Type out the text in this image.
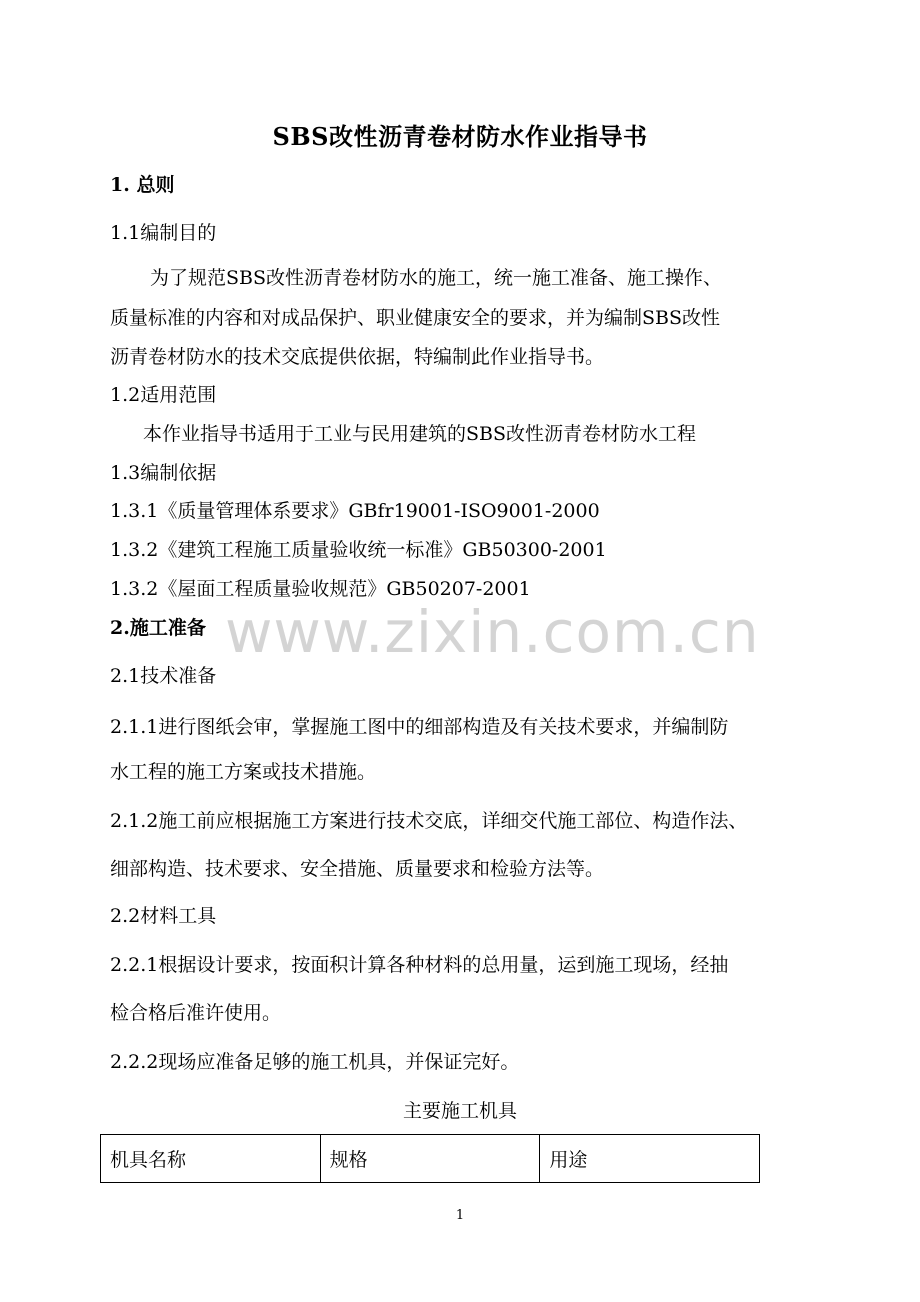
SBS改性沥青卷材防水作业指导书
1. 总则
1.1编制目的
为了规范SBS改性沥青卷材防水的施工，统一施工准备、施工操作、
质量标准的内容和对成品保护、职业健康安全的要求，并为编制SBS改性
沥青卷材防水的技术交底提供依据，特编制此作业指导书。
1.2适用范围
本作业指导书适用于工业与民用建筑的SBS改性沥青卷材防水工程
1.3编制依据
1.3.1《质量管理体系要求》GBfr19001-ISO9001-2000
1.3.2《建筑工程施工质量验收统一标准》GB50300-2001
1.3.2《屋面工程质量验收规范》GB50207-2001
2.施工准备
2.1技术准备
2.1.1进行图纸会审，掌握施工图中的细部构造及有关技术要求，并编制防
水工程的施工方案或技术措施。
2.1.2施工前应根据施工方案进行技术交底，详细交代施工部位、构造作法、
细部构造、技术要求、安全措施、质量要求和检验方法等。
2.2材料工具
2.2.1根据设计要求，按面积计算各种材料的总用量，运到施工现场，经抽
检合格后准许使用。
2.2.2现场应准备足够的施工机具，并保证完好。
www.zixin.com.cn
主要施工机具
机具名称	规格	用途
1
